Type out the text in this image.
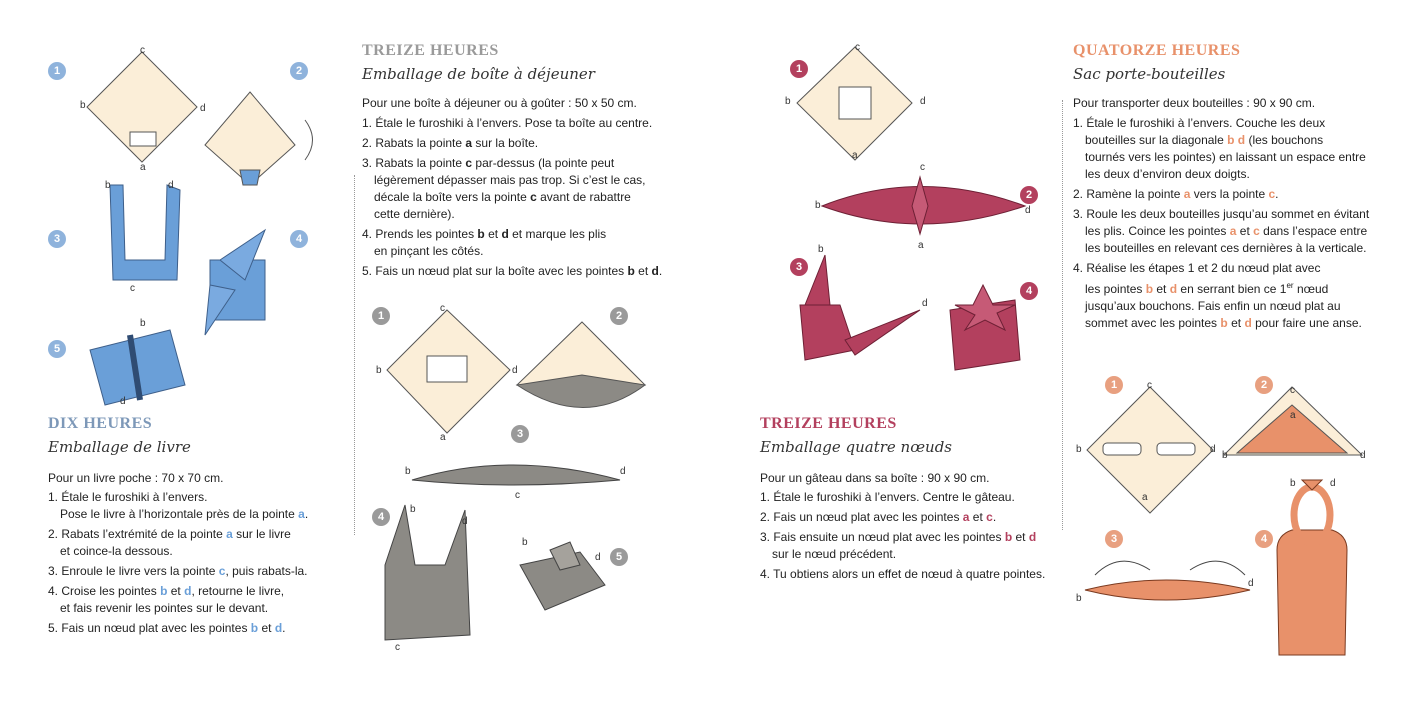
1	2
3	4
5
c
b	d
a
b	d
c
b
d
DIX HEURES
Emballage de livre
Pour un livre poche : 70 x 70 cm.
1. Étale le furoshiki à l’envers.
Pose le livre à l’horizontale près de la pointe a.
2. Rabats l’extrémité de la pointe a sur le livre
et coince-la dessous.
3. Enroule le livre vers la pointe c, puis rabats-la.
4. Croise les pointes b et d, retourne le livre,
et fais revenir les pointes sur le devant.
5. Fais un nœud plat avec les pointes b et d.
TREIZE HEURES
Emballage de boîte à déjeuner
Pour une boîte à déjeuner ou à goûter : 50 x 50 cm.
1. Étale le furoshiki à l’envers. Pose ta boîte au centre.
2. Rabats la pointe a sur la boîte.
3. Rabats la pointe c par-dessus (la pointe peut
légèrement dépasser mais pas trop. Si c’est le cas,
décale la boîte vers la pointe c avant de rabattre
cette dernière).
4. Prends les pointes b et d et marque les plis
en pinçant les côtés.
5. Fais un nœud plat sur la boîte avec les pointes b et d.
1	2
3
4
5
c
b	d
a
b	d
c
b
d
c
b
d
1
2
3
4
c
b	d
a
c
b	d
a
b
d
TREIZE HEURES
Emballage quatre nœuds
Pour un gâteau dans sa boîte : 90 x 90 cm.
1. Étale le furoshiki à l’envers. Centre le gâteau.
2. Fais un nœud plat avec les pointes a et c.
3. Fais ensuite un nœud plat avec les pointes b et d
sur le nœud précédent.
4. Tu obtiens alors un effet de nœud à quatre pointes.
QUATORZE HEURES
Sac porte-bouteilles
Pour transporter deux bouteilles : 90 x 90 cm.
1. Étale le furoshiki à l’envers. Couche les deux
bouteilles sur la diagonale b d (les bouchons
tournés vers les pointes) en laissant un espace entre
les deux d’environ deux doigts.
2. Ramène la pointe a vers la pointe c.
3. Roule les deux bouteilles jusqu’au sommet en évitant
les plis. Coince les pointes a et c dans l’espace entre
les bouteilles en relevant ces dernières à la verticale.
4. Réalise les étapes 1 et 2 du nœud plat avec
les pointes b et d en serrant bien ce 1er nœud
jusqu’aux bouchons. Fais enfin un nœud plat au
sommet avec les pointes b et d pour faire une anse.
1	2
3	4
c
b	d
a
c
a
b	d
b	d
b
d
